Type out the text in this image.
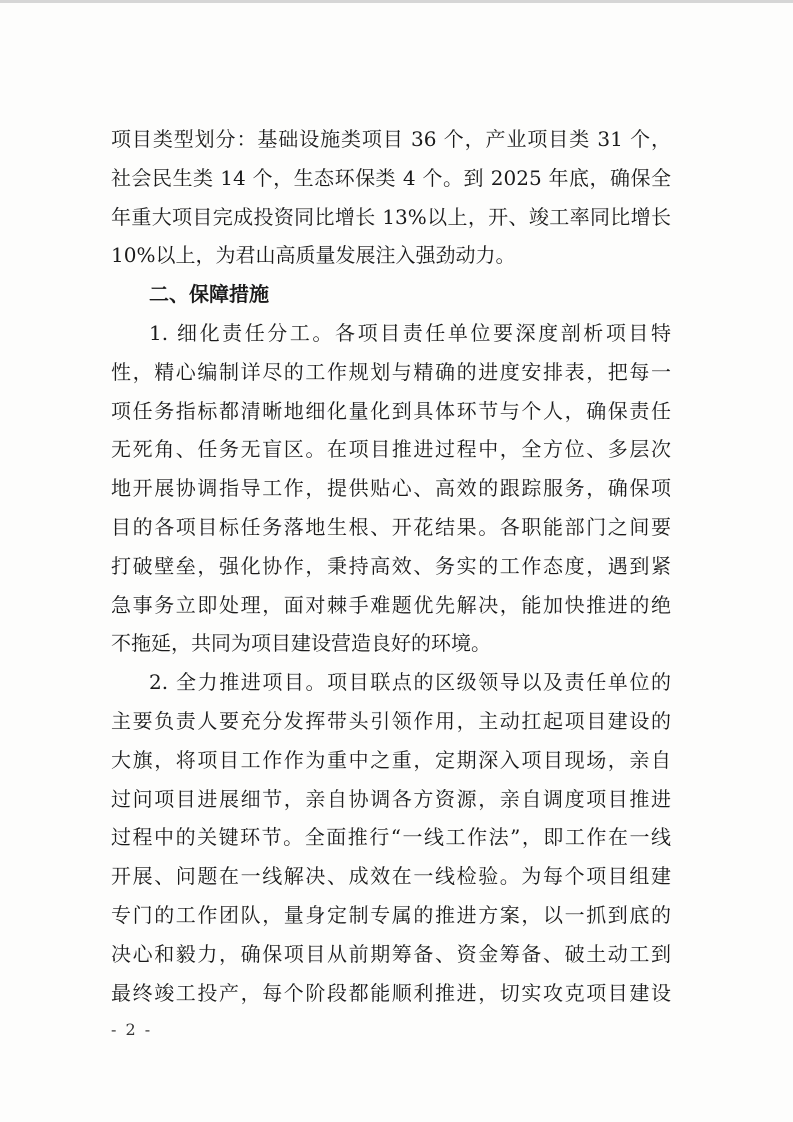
项目类型划分：基础设施类项目 36 个，产业项目类 31 个，
社会民生类 14 个，生态环保类 4 个。到 2025 年底，确保全
年重大项目完成投资同比增长 13%以上，开、竣工率同比增长
10%以上，为君山高质量发展注入强劲动力。
二、保障措施
1. 细化责任分工。各项目责任单位要深度剖析项目特
性，精心编制详尽的工作规划与精确的进度安排表，把每一
项任务指标都清晰地细化量化到具体环节与个人，确保责任
无死角、任务无盲区。在项目推进过程中，全方位、多层次
地开展协调指导工作，提供贴心、高效的跟踪服务，确保项
目的各项目标任务落地生根、开花结果。各职能部门之间要
打破壁垒，强化协作，秉持高效、务实的工作态度，遇到紧
急事务立即处理，面对棘手难题优先解决，能加快推进的绝
不拖延，共同为项目建设营造良好的环境。
2. 全力推进项目。项目联点的区级领导以及责任单位的
主要负责人要充分发挥带头引领作用，主动扛起项目建设的
大旗，将项目工作作为重中之重，定期深入项目现场，亲自
过问项目进展细节，亲自协调各方资源，亲自调度项目推进
过程中的关键环节。全面推行“一线工作法”，即工作在一线
开展、问题在一线解决、成效在一线检验。为每个项目组建
专门的工作团队，量身定制专属的推进方案，以一抓到底的
决心和毅力，确保项目从前期筹备、资金筹备、破土动工到
最终竣工投产，每个阶段都能顺利推进，切实攻克项目建设
- 2 -
